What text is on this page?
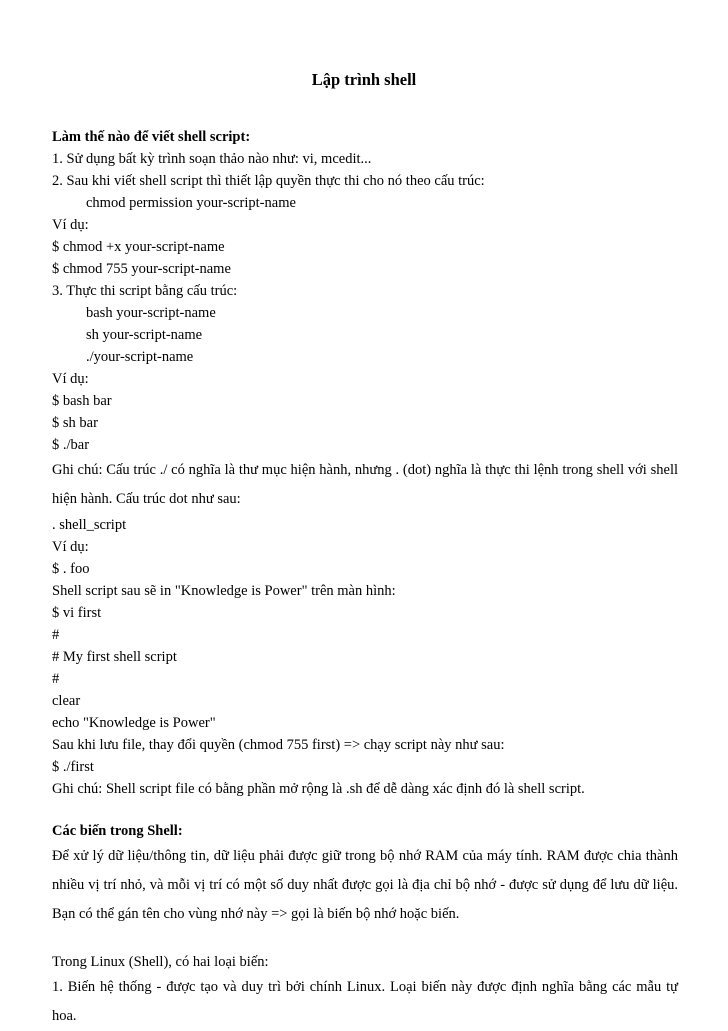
Lập trình shell
Làm thế nào để viết shell script:
1. Sử dụng bất kỳ trình soạn thảo nào như: vi, mcedit...
2. Sau khi viết shell script thì thiết lập quyền thực thi cho nó theo cấu trúc:
chmod permission your-script-name
Ví dụ:
$ chmod +x your-script-name
$ chmod 755 your-script-name
3. Thực thi script bằng cấu trúc:
bash your-script-name
sh your-script-name
./your-script-name
Ví dụ:
$ bash bar
$ sh bar
$ ./bar

Ghi chú: Cấu trúc ./ có nghĩa là thư mục hiện hành, nhưng . (dot) nghĩa là thực thi lệnh trong shell với shell hiện hành. Cấu trúc dot như sau:

. shell_script
Ví dụ:
$ . foo
Shell script sau sẽ in "Knowledge is Power" trên màn hình:
$ vi first
#
# My first shell script
#
clear
echo "Knowledge is Power"
Sau khi lưu file, thay đổi quyền (chmod 755 first) => chạy script này như sau:
$ ./first
Ghi chú: Shell script file có bằng phần mở rộng là .sh để dễ dàng xác định đó là shell script.
Các biến trong Shell:

Để xử lý dữ liệu/thông tin, dữ liệu phải được giữ trong bộ nhớ RAM của máy tính. RAM được chia thành nhiều vị trí nhỏ, và mỗi vị trí có một số duy nhất được gọi là địa chỉ bộ nhớ - được sử dụng để lưu dữ liệu. Bạn có thể gán tên cho vùng nhớ này => gọi là biến bộ nhớ hoặc biến.

Trong Linux (Shell), có hai loại biến:

1. Biến hệ thống - được tạo và duy trì bởi chính Linux. Loại biến này được định nghĩa bằng các mẫu tự hoa.
